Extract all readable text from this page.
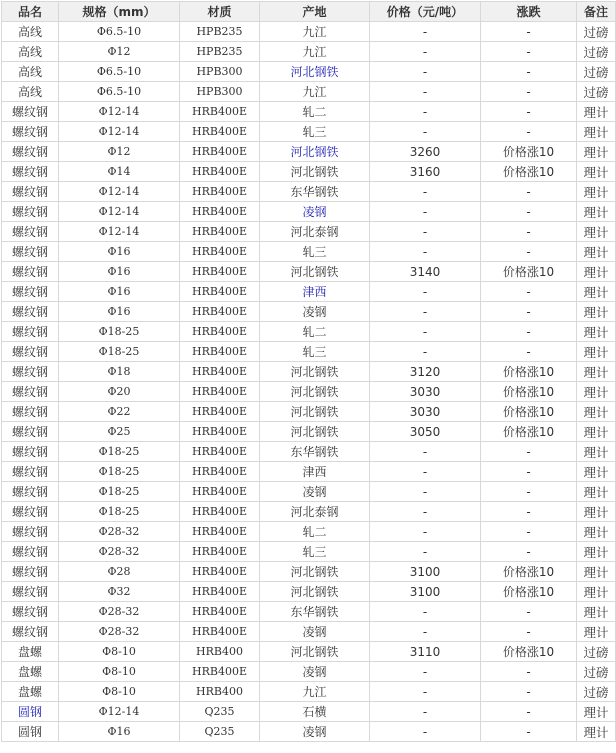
品名	规格（mm）	材质	产地	价格（元/吨）	涨跌	备注
高线	Φ6.5-10	HPB235	九江	-	-	过磅
高线	Φ12	HPB235	九江	-	-	过磅
高线	Φ6.5-10	HPB300	河北钢铁	-	-	过磅
高线	Φ6.5-10	HPB300	九江	-	-	过磅
螺纹钢	Φ12-14	HRB400E	轧二	-	-	理计
螺纹钢	Φ12-14	HRB400E	轧三	-	-	理计
螺纹钢	Φ12	HRB400E	河北钢铁	3260	价格涨10	理计
螺纹钢	Φ14	HRB400E	河北钢铁	3160	价格涨10	理计
螺纹钢	Φ12-14	HRB400E	东华钢铁	-	-	理计
螺纹钢	Φ12-14	HRB400E	凌钢	-	-	理计
螺纹钢	Φ12-14	HRB400E	河北泰钢	-	-	理计
螺纹钢	Φ16	HRB400E	轧三	-	-	理计
螺纹钢	Φ16	HRB400E	河北钢铁	3140	价格涨10	理计
螺纹钢	Φ16	HRB400E	津西	-	-	理计
螺纹钢	Φ16	HRB400E	凌钢	-	-	理计
螺纹钢	Φ18-25	HRB400E	轧二	-	-	理计
螺纹钢	Φ18-25	HRB400E	轧三	-	-	理计
螺纹钢	Φ18	HRB400E	河北钢铁	3120	价格涨10	理计
螺纹钢	Φ20	HRB400E	河北钢铁	3030	价格涨10	理计
螺纹钢	Φ22	HRB400E	河北钢铁	3030	价格涨10	理计
螺纹钢	Φ25	HRB400E	河北钢铁	3050	价格涨10	理计
螺纹钢	Φ18-25	HRB400E	东华钢铁	-	-	理计
螺纹钢	Φ18-25	HRB400E	津西	-	-	理计
螺纹钢	Φ18-25	HRB400E	凌钢	-	-	理计
螺纹钢	Φ18-25	HRB400E	河北泰钢	-	-	理计
螺纹钢	Φ28-32	HRB400E	轧二	-	-	理计
螺纹钢	Φ28-32	HRB400E	轧三	-	-	理计
螺纹钢	Φ28	HRB400E	河北钢铁	3100	价格涨10	理计
螺纹钢	Φ32	HRB400E	河北钢铁	3100	价格涨10	理计
螺纹钢	Φ28-32	HRB400E	东华钢铁	-	-	理计
螺纹钢	Φ28-32	HRB400E	凌钢	-	-	理计
盘螺	Φ8-10	HRB400	河北钢铁	3110	价格涨10	过磅
盘螺	Φ8-10	HRB400E	凌钢	-	-	过磅
盘螺	Φ8-10	HRB400	九江	-	-	过磅
圆钢	Φ12-14	Q235	石横	-	-	理计
圆钢	Φ16	Q235	凌钢	-	-	理计
